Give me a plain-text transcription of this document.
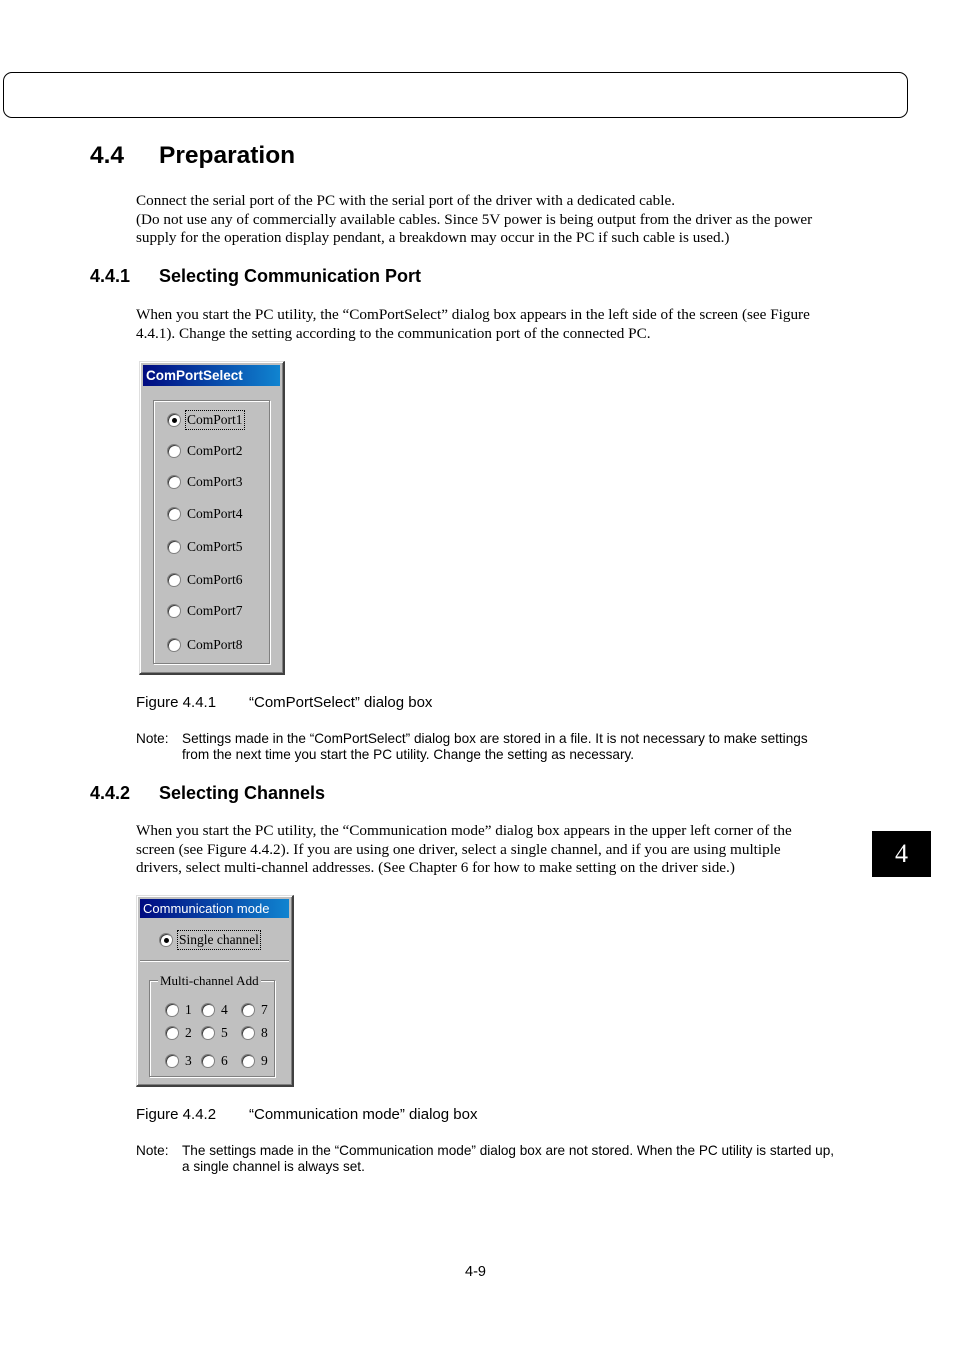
4.4 Preparation
Connect the serial port of the PC with the serial port of the driver with a dedicated cable.
(Do not use any of commercially available cables. Since 5V power is being output from the driver as the power
supply for the operation display pendant, a breakdown may occur in the PC if such cable is used.)
4.4.1 Selecting Communication Port
When you start the PC utility, the “ComPortSelect” dialog box appears in the left side of the screen (see Figure
4.4.1). Change the setting according to the communication port of the connected PC.
ComPortSelect
ComPort1
ComPort2
ComPort3
ComPort4
ComPort5
ComPort6
ComPort7
ComPort8
Figure 4.4.1 “ComPortSelect” dialog box
Note: Settings made in the “ComPortSelect” dialog box are stored in a file. It is not necessary to make settings
from the next time you start the PC utility. Change the setting as necessary.
4.4.2 Selecting Channels
When you start the PC utility, the “Communication mode” dialog box appears in the upper left corner of the
screen (see Figure 4.4.2). If you are using one driver, select a single channel, and if you are using multiple
drivers, select multi-channel addresses. (See Chapter 6 for how to make setting on the driver side.)
Communication mode
Single channel
Multi-channel Add
1
2
3
4
5
6
7
8
9
Figure 4.4.2 “Communication mode” dialog box
Note: The settings made in the “Communication mode” dialog box are not stored. When the PC utility is started up,
a single channel is always set.
4
4-9
